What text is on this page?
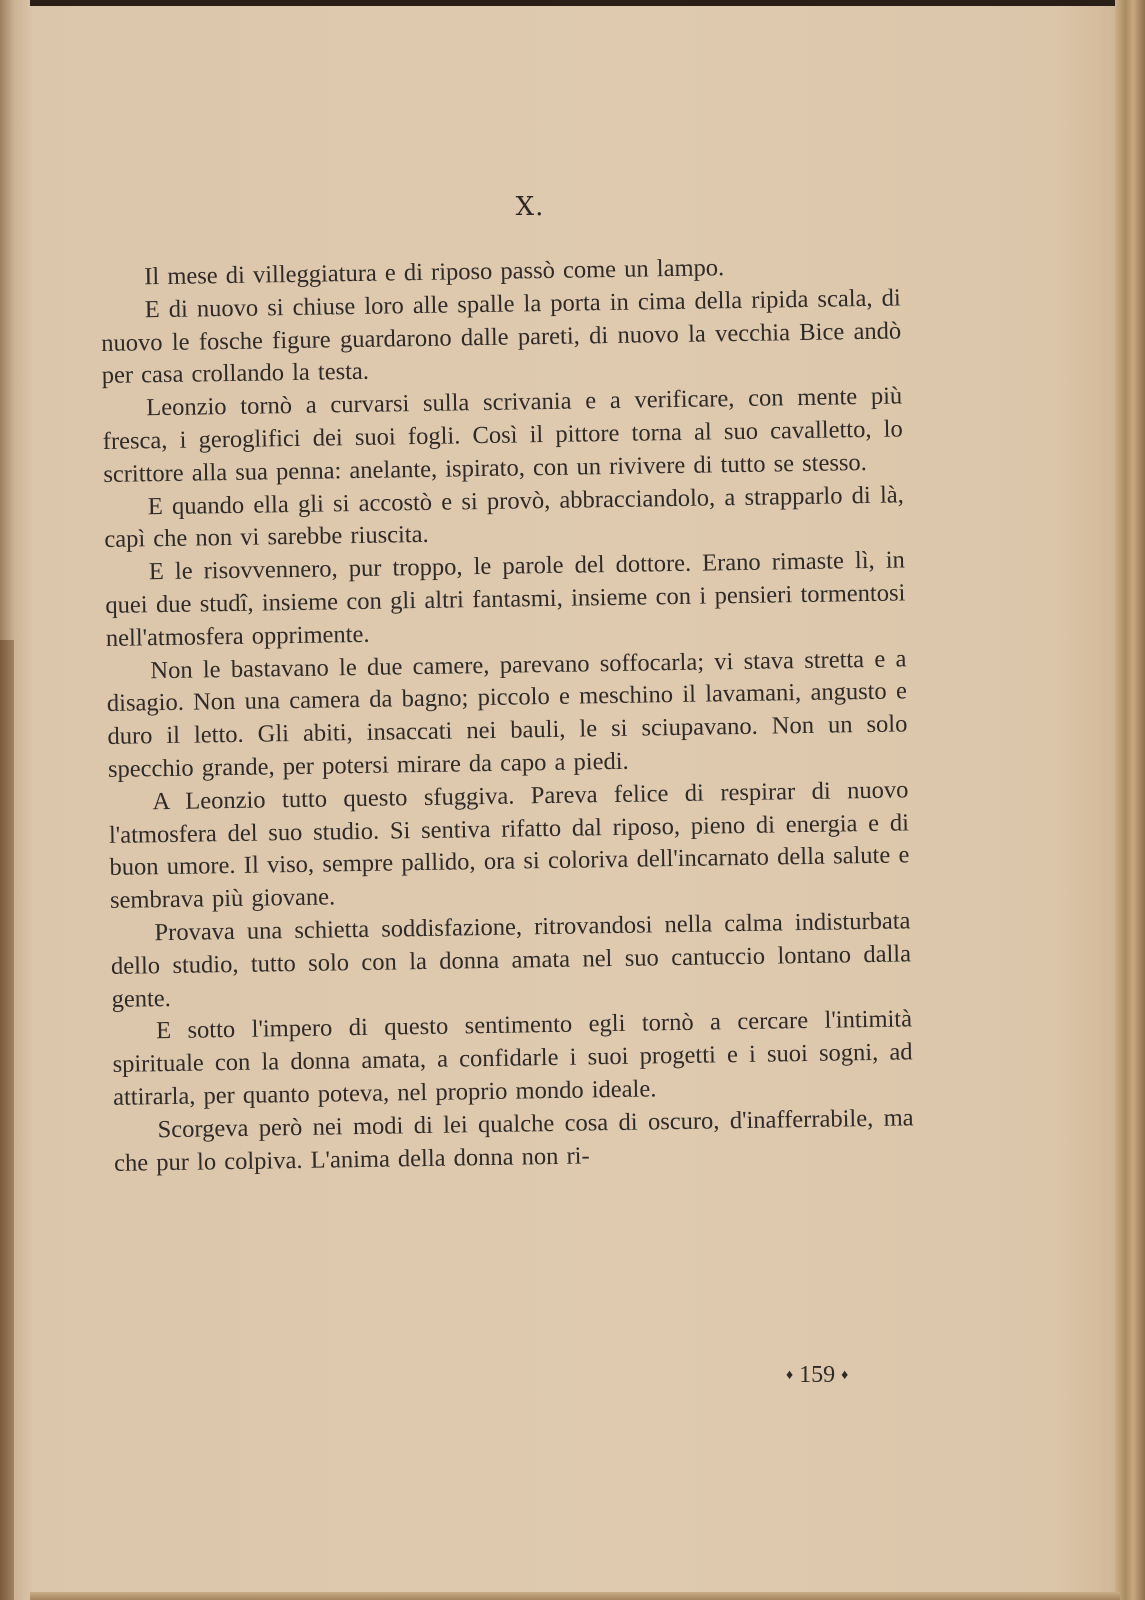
X.

Il mese di villeggiatura e di riposo passò come un lampo.

E di nuovo si chiuse loro alle spalle la porta in cima della ripida scala, di nuovo le fosche figure guardarono dalle pareti, di nuovo la vecchia Bice andò per casa crollando la testa.

Leonzio tornò a curvarsi sulla scrivania e a verificare, con mente più fresca, i geroglifici dei suoi fogli. Così il pittore torna al suo cavalletto, lo scrittore alla sua penna: anelante, ispirato, con un rivivere di tutto se stesso.

E quando ella gli si accostò e si provò, abbracciandolo, a strapparlo di là, capì che non vi sarebbe riuscita.

E le risovvennero, pur troppo, le parole del dottore. Erano rimaste lì, in quei due studî, insieme con gli altri fantasmi, insieme con i pensieri tormentosi nell'atmosfera opprimente.

Non le bastavano le due camere, parevano soffocarla; vi stava stretta e a disagio. Non una camera da bagno; piccolo e meschino il lavamani, angusto e duro il letto. Gli abiti, insaccati nei bauli, le si sciupavano. Non un solo specchio grande, per potersi mirare da capo a piedi.

A Leonzio tutto questo sfuggiva. Pareva felice di respirar di nuovo l'atmosfera del suo studio. Si sentiva rifatto dal riposo, pieno di energia e di buon umore. Il viso, sempre pallido, ora si coloriva dell'incarnato della salute e sembrava più giovane.

Provava una schietta soddisfazione, ritrovandosi nella calma indisturbata dello studio, tutto solo con la donna amata nel suo cantuccio lontano dalla gente.

E sotto l'impero di questo sentimento egli tornò a cercare l'intimità spirituale con la donna amata, a confidarle i suoi progetti e i suoi sogni, ad attirarla, per quanto poteva, nel proprio mondo ideale.

Scorgeva però nei modi di lei qualche cosa di oscuro, d'inafferrabile, ma che pur lo colpiva. L'anima della donna non ri-

♦ 159 ♦
